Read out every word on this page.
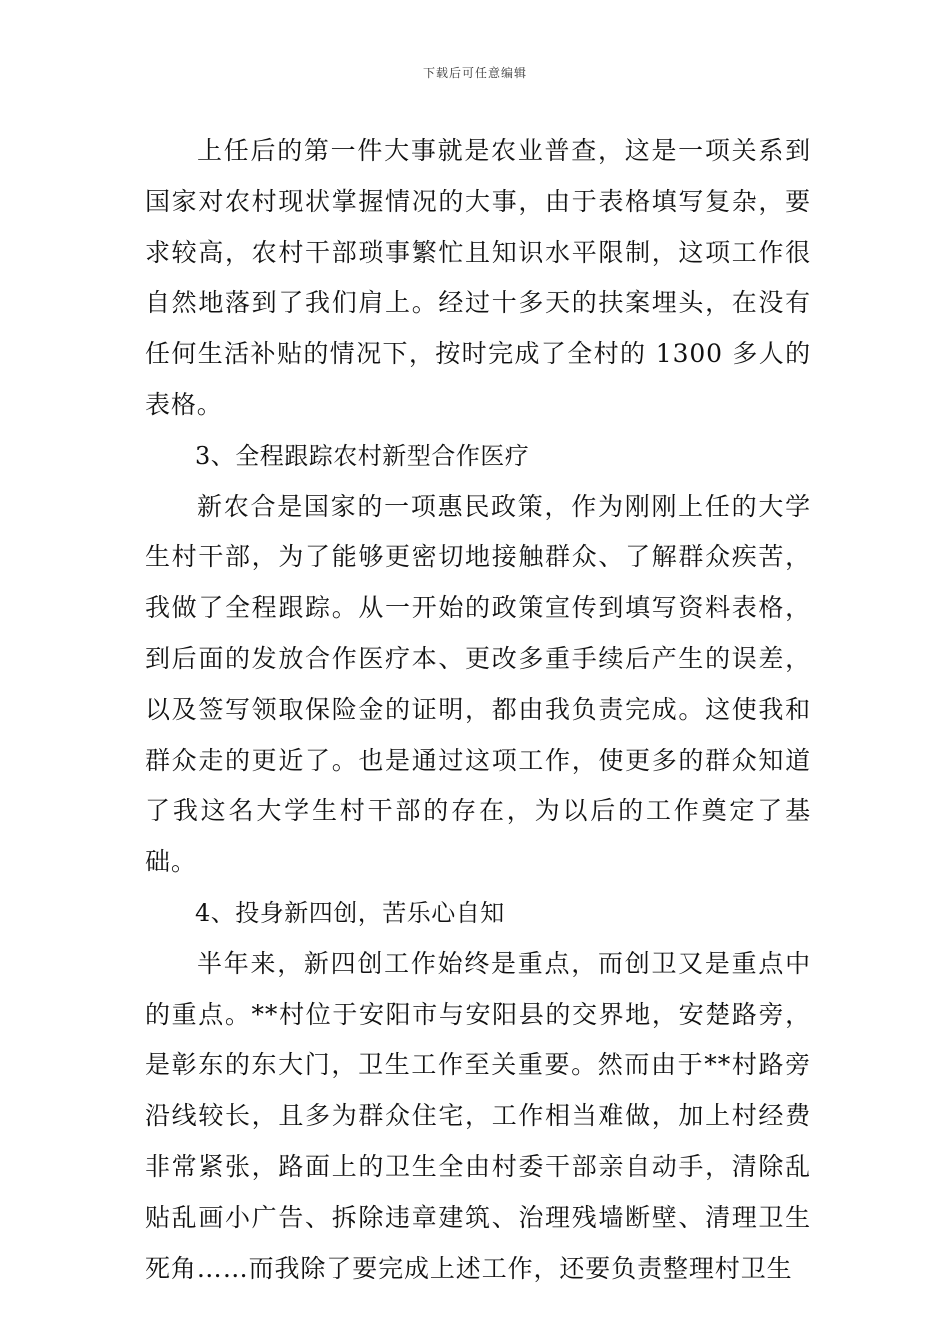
下载后可任意编辑

上任后的第一件大事就是农业普查，这是一项关系到国家对农村现状掌握情况的大事，由于表格填写复杂，要求较高，农村干部琐事繁忙且知识水平限制，这项工作很自然地落到了我们肩上。经过十多天的扶案埋头，在没有任何生活补贴的情况下，按时完成了全村的 1300 多人的表格。

3、全程跟踪农村新型合作医疗

新农合是国家的一项惠民政策，作为刚刚上任的大学生村干部，为了能够更密切地接触群众、了解群众疾苦，我做了全程跟踪。从一开始的政策宣传到填写资料表格，到后面的发放合作医疗本、更改多重手续后产生的误差，以及签写领取保险金的证明，都由我负责完成。这使我和群众走的更近了。也是通过这项工作，使更多的群众知道了我这名大学生村干部的存在，为以后的工作奠定了基础。

4、投身新四创，苦乐心自知

半年来，新四创工作始终是重点，而创卫又是重点中的重点。**村位于安阳市与安阳县的交界地，安楚路旁，是彰东的东大门，卫生工作至关重要。然而由于**村路旁沿线较长，且多为群众住宅，工作相当难做，加上村经费非常紧张，路面上的卫生全由村委干部亲自动手，清除乱贴乱画小广告、拆除违章建筑、治理残墙断壁、清理卫生死角……而我除了要完成上述工作，还要负责整理村卫生
